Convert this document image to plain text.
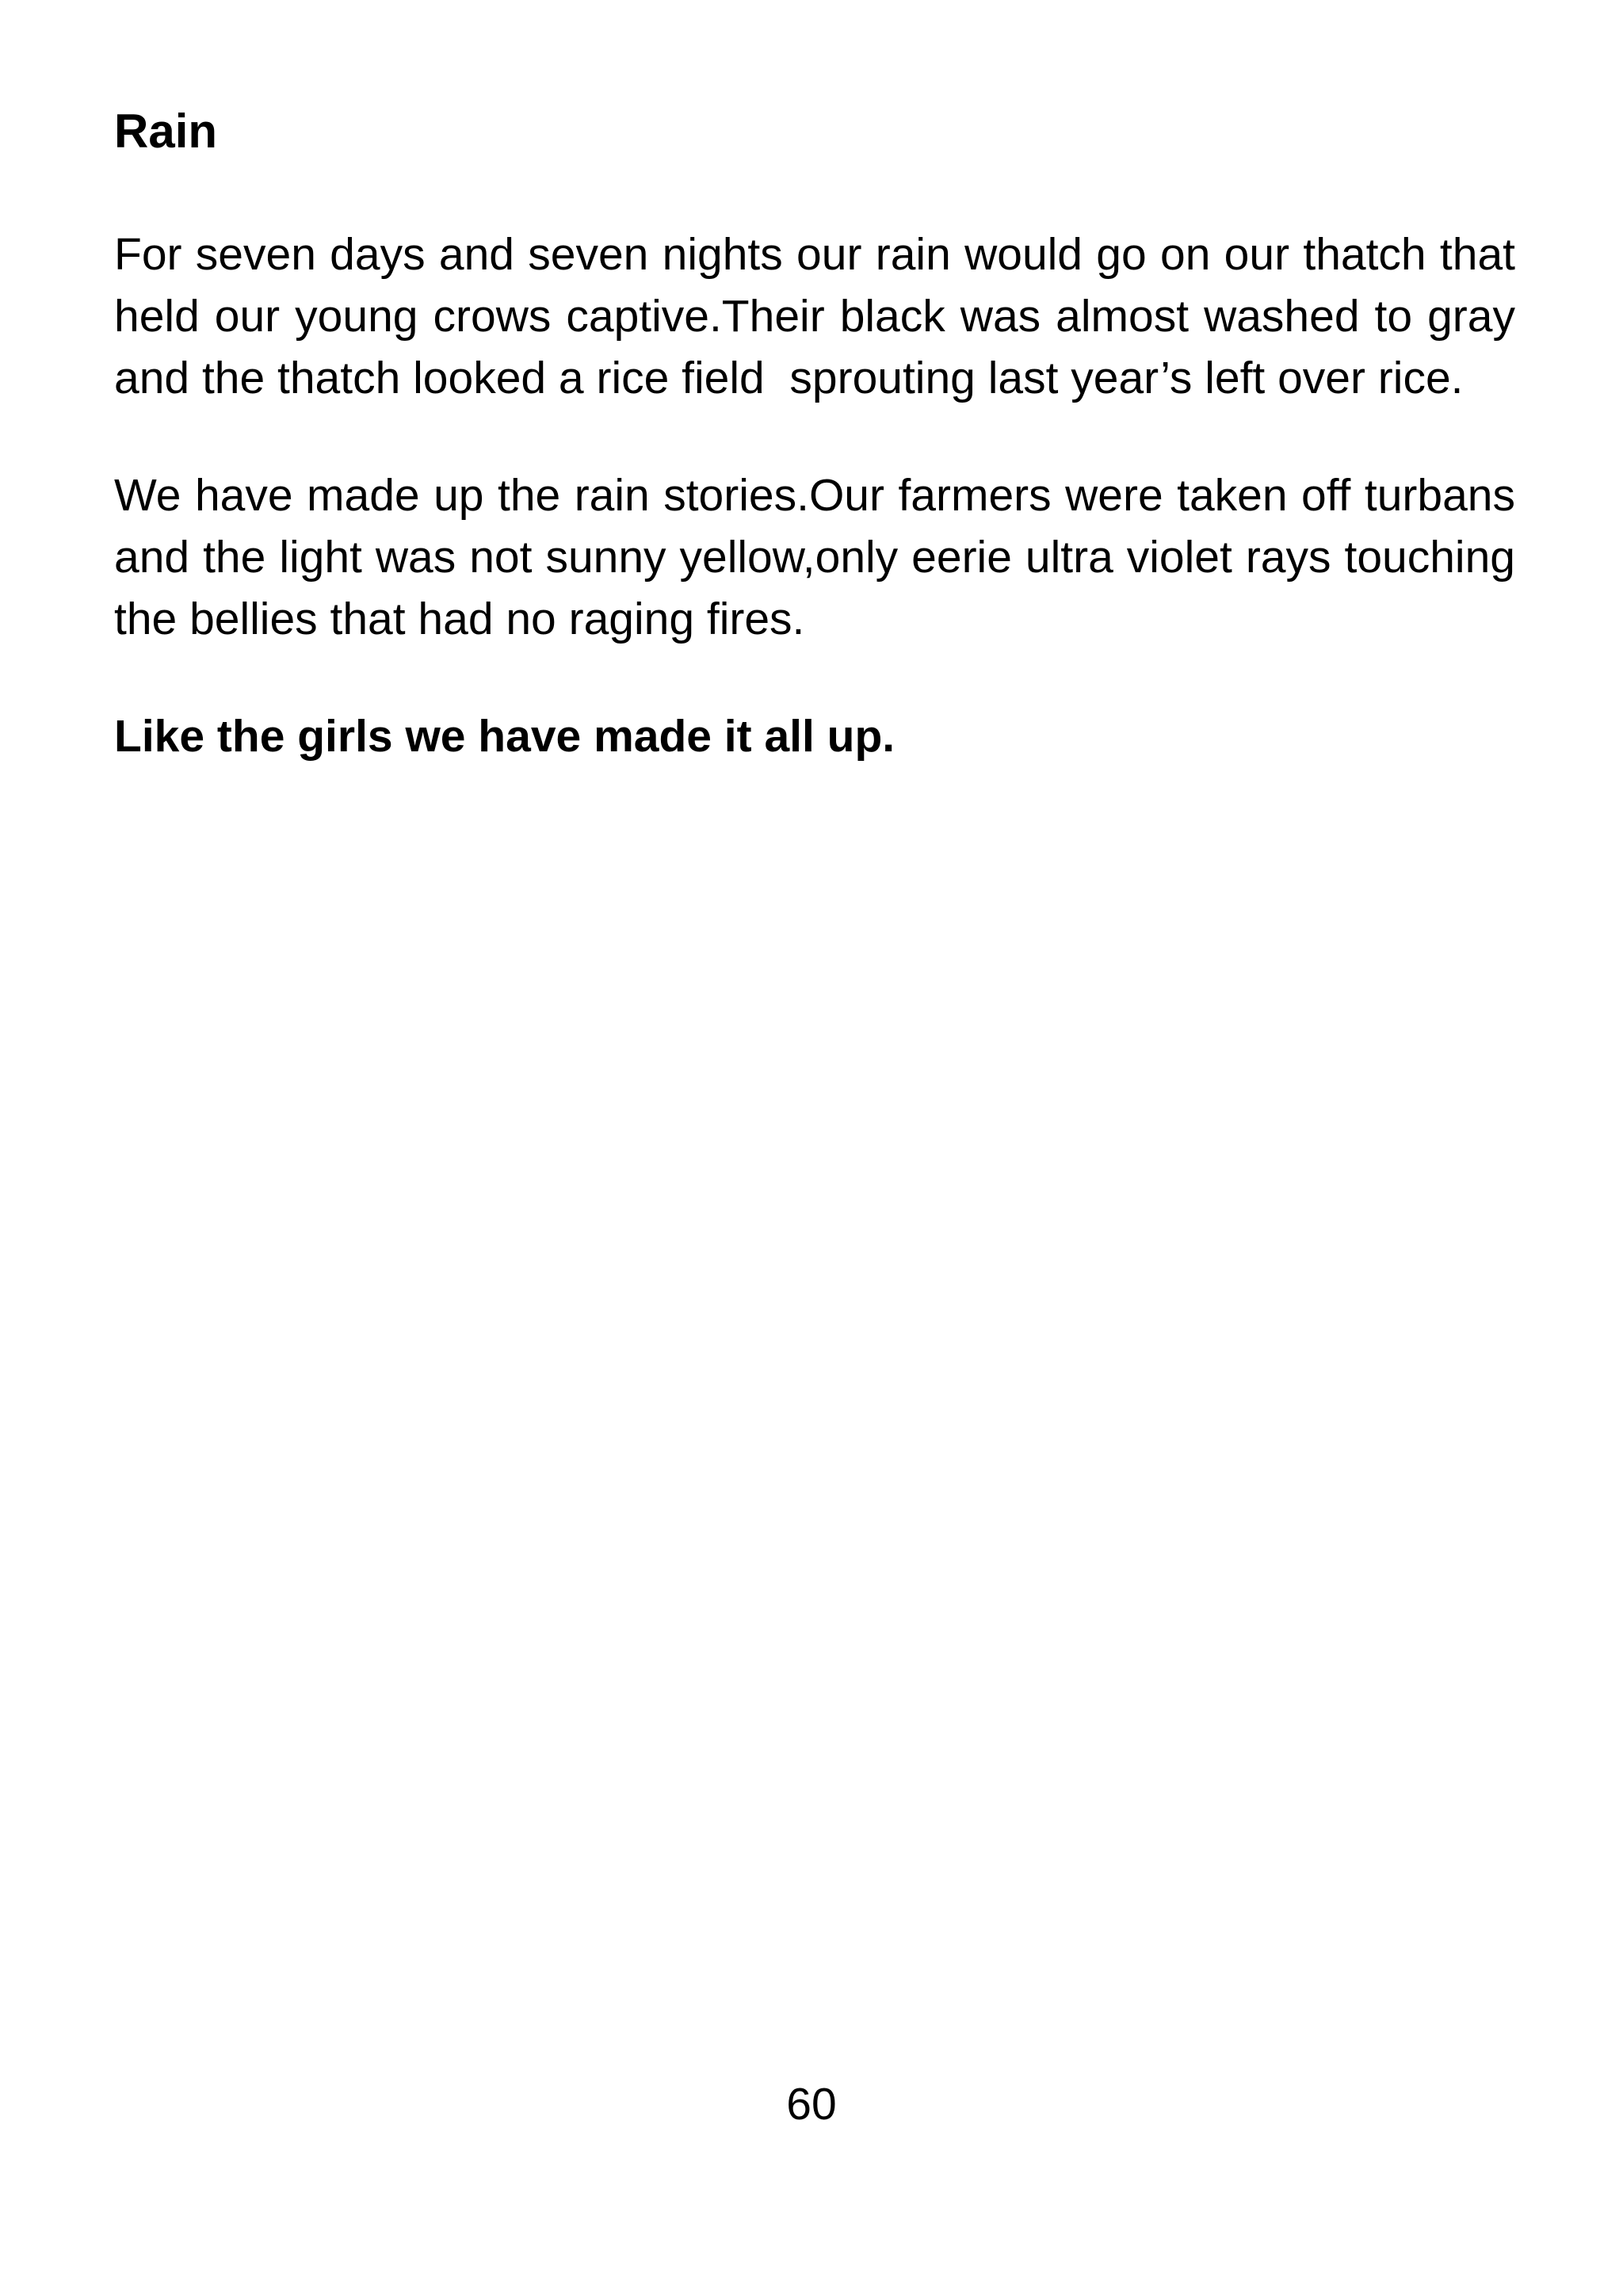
Rain

For seven days and seven nights our rain would go on our thatch that held our young crows captive.Their black was almost washed to gray and the thatch looked a rice field  sprouting last year’s left over rice.

We have made up the rain stories.Our farmers were taken off turbans and the light was not sunny yellow,only eerie ultra violet rays touching the bellies that had no raging fires.

Like the girls we have made it all up.

60
